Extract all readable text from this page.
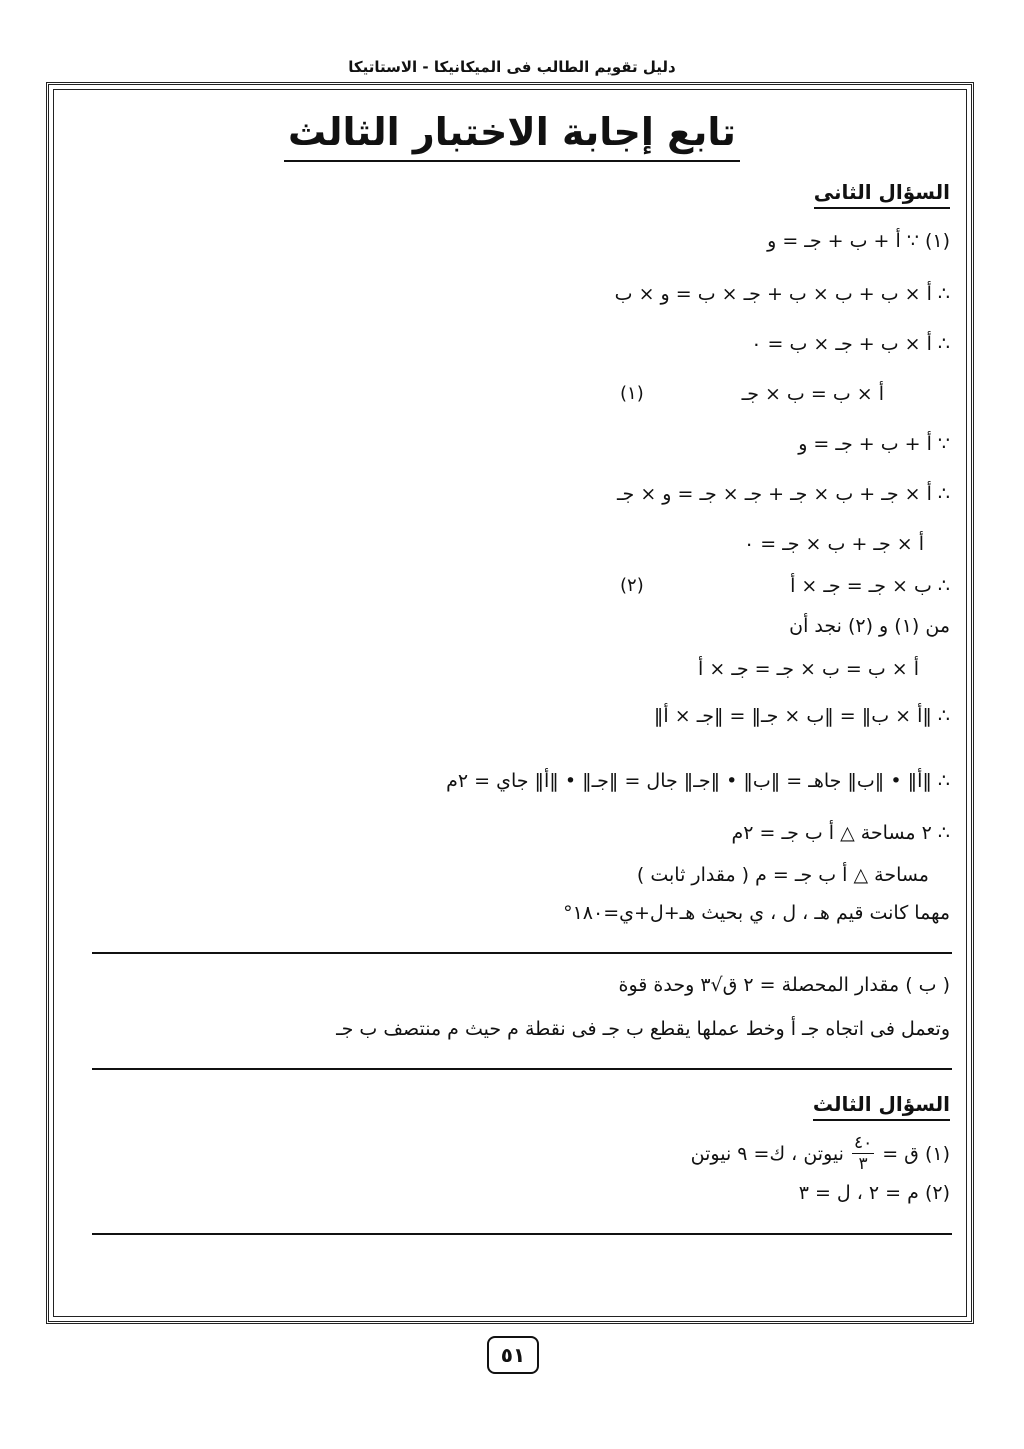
دليل تقويم الطالب فى الميكانيكا - الاستاتيكا
تابع إجابة الاختبار الثالث
السؤال الثانى
(١) ∵ أ + ب + جـ = و
∴ أ × ب + ب × ب + جـ × ب = و × ب
∴ أ × ب + جـ × ب = ٠
أ × ب = ب × جـ
(١)
∵ أ + ب + جـ = و
∴ أ × جـ + ب × جـ + جـ × جـ = و × جـ
أ × جـ + ب × جـ = ٠
∴ ب × جـ = جـ × أ
(٢)
من (١) و (٢) نجد أن
أ × ب = ب × جـ = جـ × أ
∴ ‖أ × ب‖ = ‖ب × جـ‖ = ‖جـ × أ‖
∴ ‖أ‖ • ‖ب‖ جاهـ = ‖ب‖ • ‖جـ‖ جال = ‖جـ‖ • ‖أ‖ جاي = ٢م
∴ ٢ مساحة △ أ ب جـ = ٢م
مساحة △ أ ب جـ = م ( مقدار ثابت )
مهما كانت قيم هـ ، ل ، ي بحيث هـ+ل+ي=١٨٠°
( ب ) مقدار المحصلة = ٢ ق√٣ وحدة قوة
وتعمل فى اتجاه جـ أ وخط عملها يقطع ب جـ فى نقطة م حيث م منتصف ب جـ
السؤال الثالث
(١) ق =
٤٠
٣
نيوتن ، ك= ٩ نيوتن
(٢) م = ٢ ، ل = ٣
٥١
